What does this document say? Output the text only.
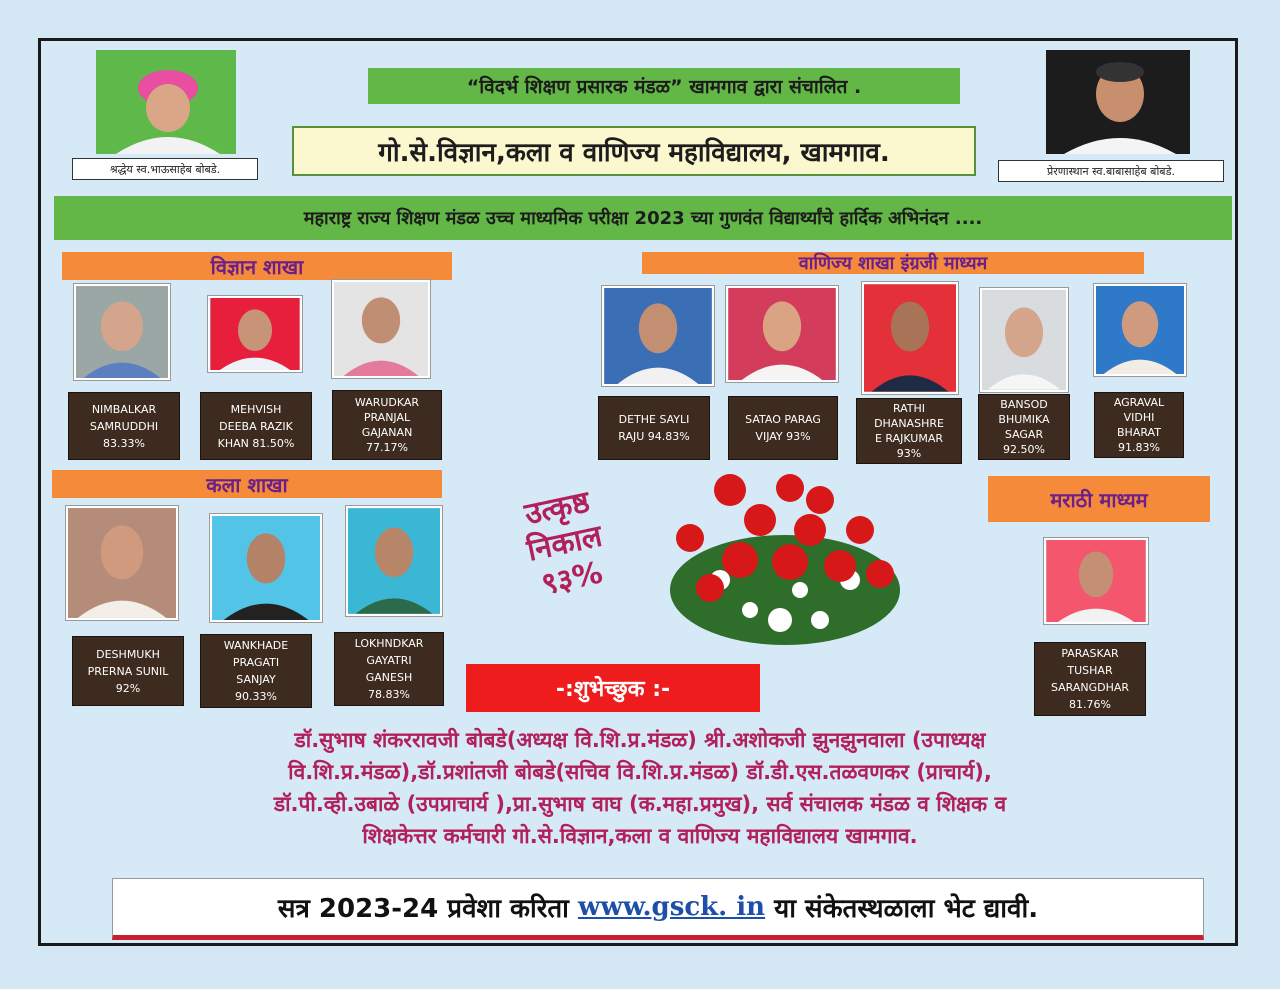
श्रद्धेय स्व.भाऊसाहेब बोबडे.	प्रेरणास्थान स्व.बाबासाहेब बोबडे.
“विदर्भ शिक्षण प्रसारक मंडळ” खामगाव द्वारा संचालित .
गो.से.विज्ञान,कला व वाणिज्य महाविद्यालय, खामगाव.
महाराष्ट्र राज्य शिक्षण मंडळ उच्च माध्यमिक परीक्षा 2023 च्या गुणवंत विद्यार्थ्यांचे हार्दिक अभिनंदन ....
विज्ञान शाखा
NIMBALKAR
SAMRUDDHI
83.33%
MEHVISH
DEEBA RAZIK
KHAN 81.50%
WARUDKAR
PRANJAL
GAJANAN
77.17%
वाणिज्य शाखा इंग्रजी माध्यम
DETHE SAYLI
RAJU 94.83%
SATAO PARAG
VIJAY 93%
RATHI
DHANASHRE
E RAJKUMAR
93%
BANSOD
BHUMIKA
SAGAR
92.50%
AGRAVAL
VIDHI
BHARAT
91.83%
कला शाखा
DESHMUKH
PRERNA SUNIL
92%
WANKHADE
PRAGATI
SANJAY
90.33%
LOKHNDKAR
GAYATRI
GANESH
78.83%
उत्कृष्ठ
निकाल
९३%
मराठी माध्यम
PARASKAR
TUSHAR
SARANGDHAR
81.76%
-:शुभेच्छुक :-
डॉ.सुभाष शंकररावजी बोबडे(अध्यक्ष वि.शि.प्र.मंडळ) श्री.अशोकजी झुनझुनवाला (उपाध्यक्ष
वि.शि.प्र.मंडळ),डॉ.प्रशांतजी बोबडे(सचिव वि.शि.प्र.मंडळ) डॉ.डी.एस.तळवणकर (प्राचार्य),
डॉ.पी.व्ही.उबाळे (उपप्राचार्य ),प्रा.सुभाष वाघ (क.महा.प्रमुख), सर्व संचालक मंडळ व शिक्षक व
शिक्षकेत्तर कर्मचारी गो.से.विज्ञान,कला व वाणिज्य महाविद्यालय खामगाव.
सत्र 2023-24 प्रवेशा करिता www.gsck. in या संकेतस्थळाला भेट द्यावी.
